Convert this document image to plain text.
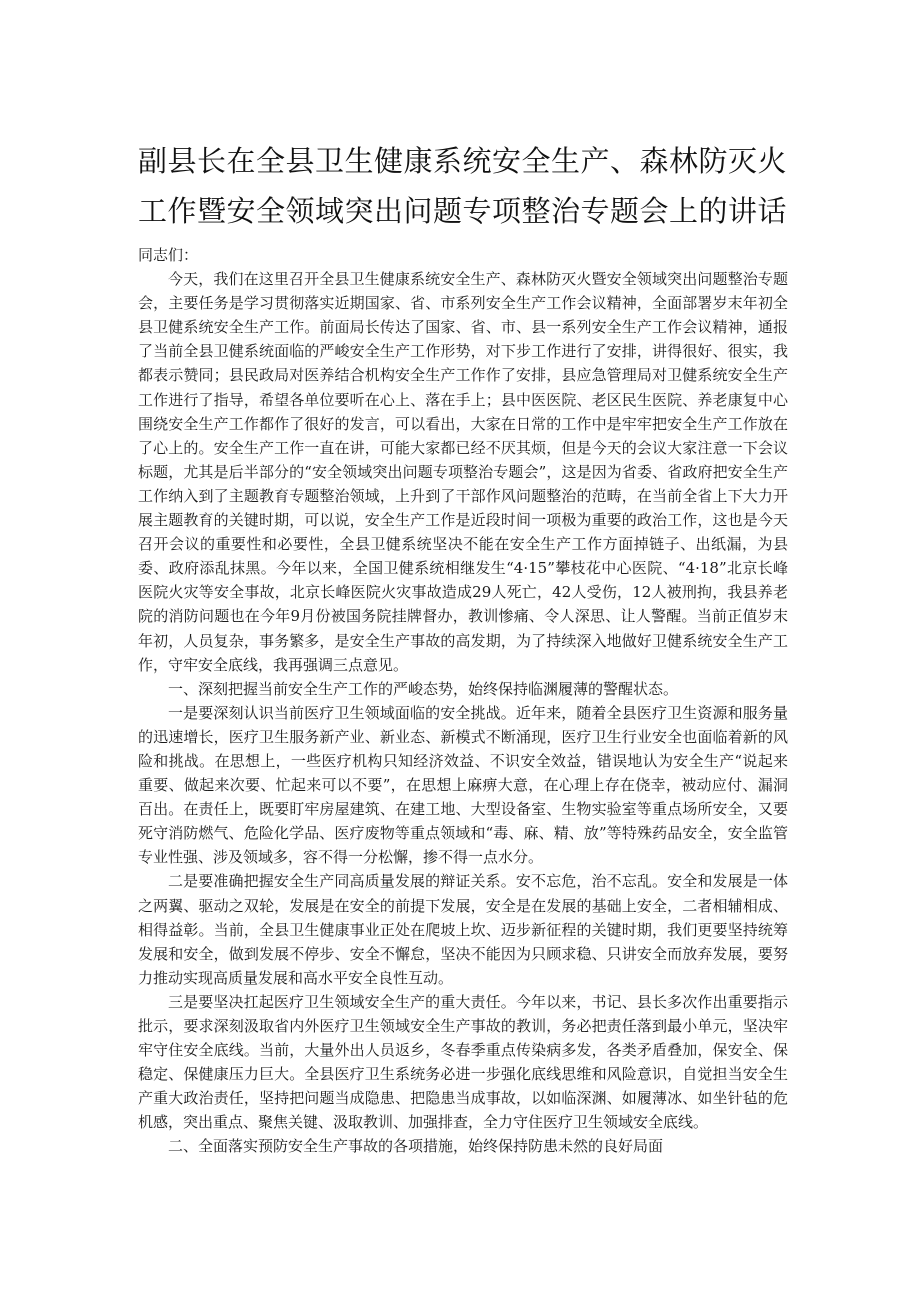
副县长在全县卫生健康系统安全生产、森林防灭火工作暨安全领域突出问题专项整治专题会上的讲话

同志们：

今天，我们在这里召开全县卫生健康系统安全生产、森林防灭火暨安全领域突出问题整治专题会，主要任务是学习贯彻落实近期国家、省、市系列安全生产工作会议精神，全面部署岁末年初全县卫健系统安全生产工作。前面局长传达了国家、省、市、县一系列安全生产工作会议精神，通报了当前全县卫健系统面临的严峻安全生产工作形势，对下步工作进行了安排，讲得很好、很实，我都表示赞同；县民政局对医养结合机构安全生产工作作了安排，县应急管理局对卫健系统安全生产工作进行了指导，希望各单位要听在心上、落在手上；县中医医院、老区民生医院、养老康复中心围绕安全生产工作都作了很好的发言，可以看出，大家在日常的工作中是牢牢把安全生产工作放在了心上的。安全生产工作一直在讲，可能大家都已经不厌其烦，但是今天的会议大家注意一下会议标题，尤其是后半部分的“安全领域突出问题专项整治专题会”，这是因为省委、省政府把安全生产工作纳入到了主题教育专题整治领域，上升到了干部作风问题整治的范畴，在当前全省上下大力开展主题教育的关键时期，可以说，安全生产工作是近段时间一项极为重要的政治工作，这也是今天召开会议的重要性和必要性，全县卫健系统坚决不能在安全生产工作方面掉链子、出纸漏，为县委、政府添乱抹黑。今年以来，全国卫健系统相继发生“4·15”攀枝花中心医院、“4·18”北京长峰医院火灾等安全事故，北京长峰医院火灾事故造成29人死亡，42人受伤，12人被刑拘，我县养老院的消防问题也在今年9月份被国务院挂牌督办，教训惨痛、令人深思、让人警醒。当前正值岁末年初，人员复杂，事务繁多，是安全生产事故的高发期，为了持续深入地做好卫健系统安全生产工作，守牢安全底线，我再强调三点意见。

一、深刻把握当前安全生产工作的严峻态势，始终保持临渊履薄的警醒状态。

一是要深刻认识当前医疗卫生领域面临的安全挑战。近年来，随着全县医疗卫生资源和服务量的迅速增长，医疗卫生服务新产业、新业态、新模式不断涌现，医疗卫生行业安全也面临着新的风险和挑战。在思想上，一些医疗机构只知经济效益、不识安全效益，错误地认为安全生产“说起来重要、做起来次要、忙起来可以不要”，在思想上麻痹大意，在心理上存在侥幸，被动应付、漏洞百出。在责任上，既要盯牢房屋建筑、在建工地、大型设备室、生物实验室等重点场所安全，又要死守消防燃气、危险化学品、医疗废物等重点领域和“毒、麻、精、放”等特殊药品安全，安全监管专业性强、涉及领域多，容不得一分松懈，掺不得一点水分。

二是要准确把握安全生产同高质量发展的辩证关系。安不忘危，治不忘乱。安全和发展是一体之两翼、驱动之双轮，发展是在安全的前提下发展，安全是在发展的基础上安全，二者相辅相成、相得益彰。当前，全县卫生健康事业正处在爬坡上坎、迈步新征程的关键时期，我们更要坚持统筹发展和安全，做到发展不停步、安全不懈怠，坚决不能因为只顾求稳、只讲安全而放弃发展，要努力推动实现高质量发展和高水平安全良性互动。

三是要坚决扛起医疗卫生领域安全生产的重大责任。今年以来，书记、县长多次作出重要指示批示，要求深刻汲取省内外医疗卫生领域安全生产事故的教训，务必把责任落到最小单元，坚决牢牢守住安全底线。当前，大量外出人员返乡，冬春季重点传染病多发，各类矛盾叠加，保安全、保稳定、保健康压力巨大。全县医疗卫生系统务必进一步强化底线思维和风险意识，自觉担当安全生产重大政治责任，坚持把问题当成隐患、把隐患当成事故，以如临深渊、如履薄冰、如坐针毡的危机感，突出重点、聚焦关键、汲取教训、加强排查，全力守住医疗卫生领域安全底线。

二、全面落实预防安全生产事故的各项措施，始终保持防患未然的良好局面
